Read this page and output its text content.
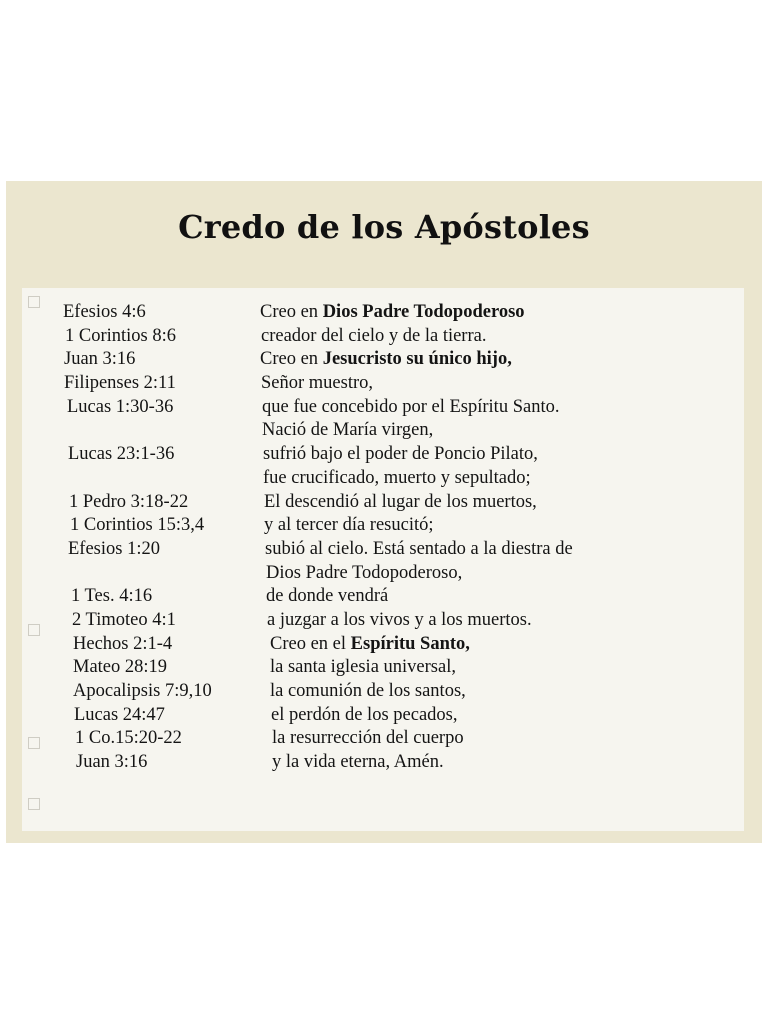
Credo de los Apóstoles
Efesios 4:6	Creo en Dios Padre Todopoderoso
1 Corintios 8:6	creador del cielo y de la tierra.
Juan 3:16	Creo en Jesucristo su único hijo,
Filipenses 2:11	Señor muestro,
Lucas 1:30-36	que fue concebido por el Espíritu Santo.
Nació de María virgen,
Lucas 23:1-36	sufrió bajo el poder de Poncio Pilato,
fue crucificado, muerto y sepultado;
1 Pedro 3:18-22	El descendió al lugar de los muertos,
1 Corintios 15:3,4	y al tercer día resucitó;
Efesios 1:20	subió al cielo. Está sentado a la diestra de
Dios Padre Todopoderoso,
1 Tes. 4:16	de donde vendrá
2 Timoteo 4:1	a juzgar a los vivos y a los muertos.
Hechos 2:1-4	Creo en el Espíritu Santo,
Mateo 28:19	la santa iglesia universal,
Apocalipsis 7:9,10	la comunión de los santos,
Lucas 24:47	el perdón de los pecados,
1 Co.15:20-22	la resurrección del cuerpo
Juan 3:16	y la vida eterna, Amén.
